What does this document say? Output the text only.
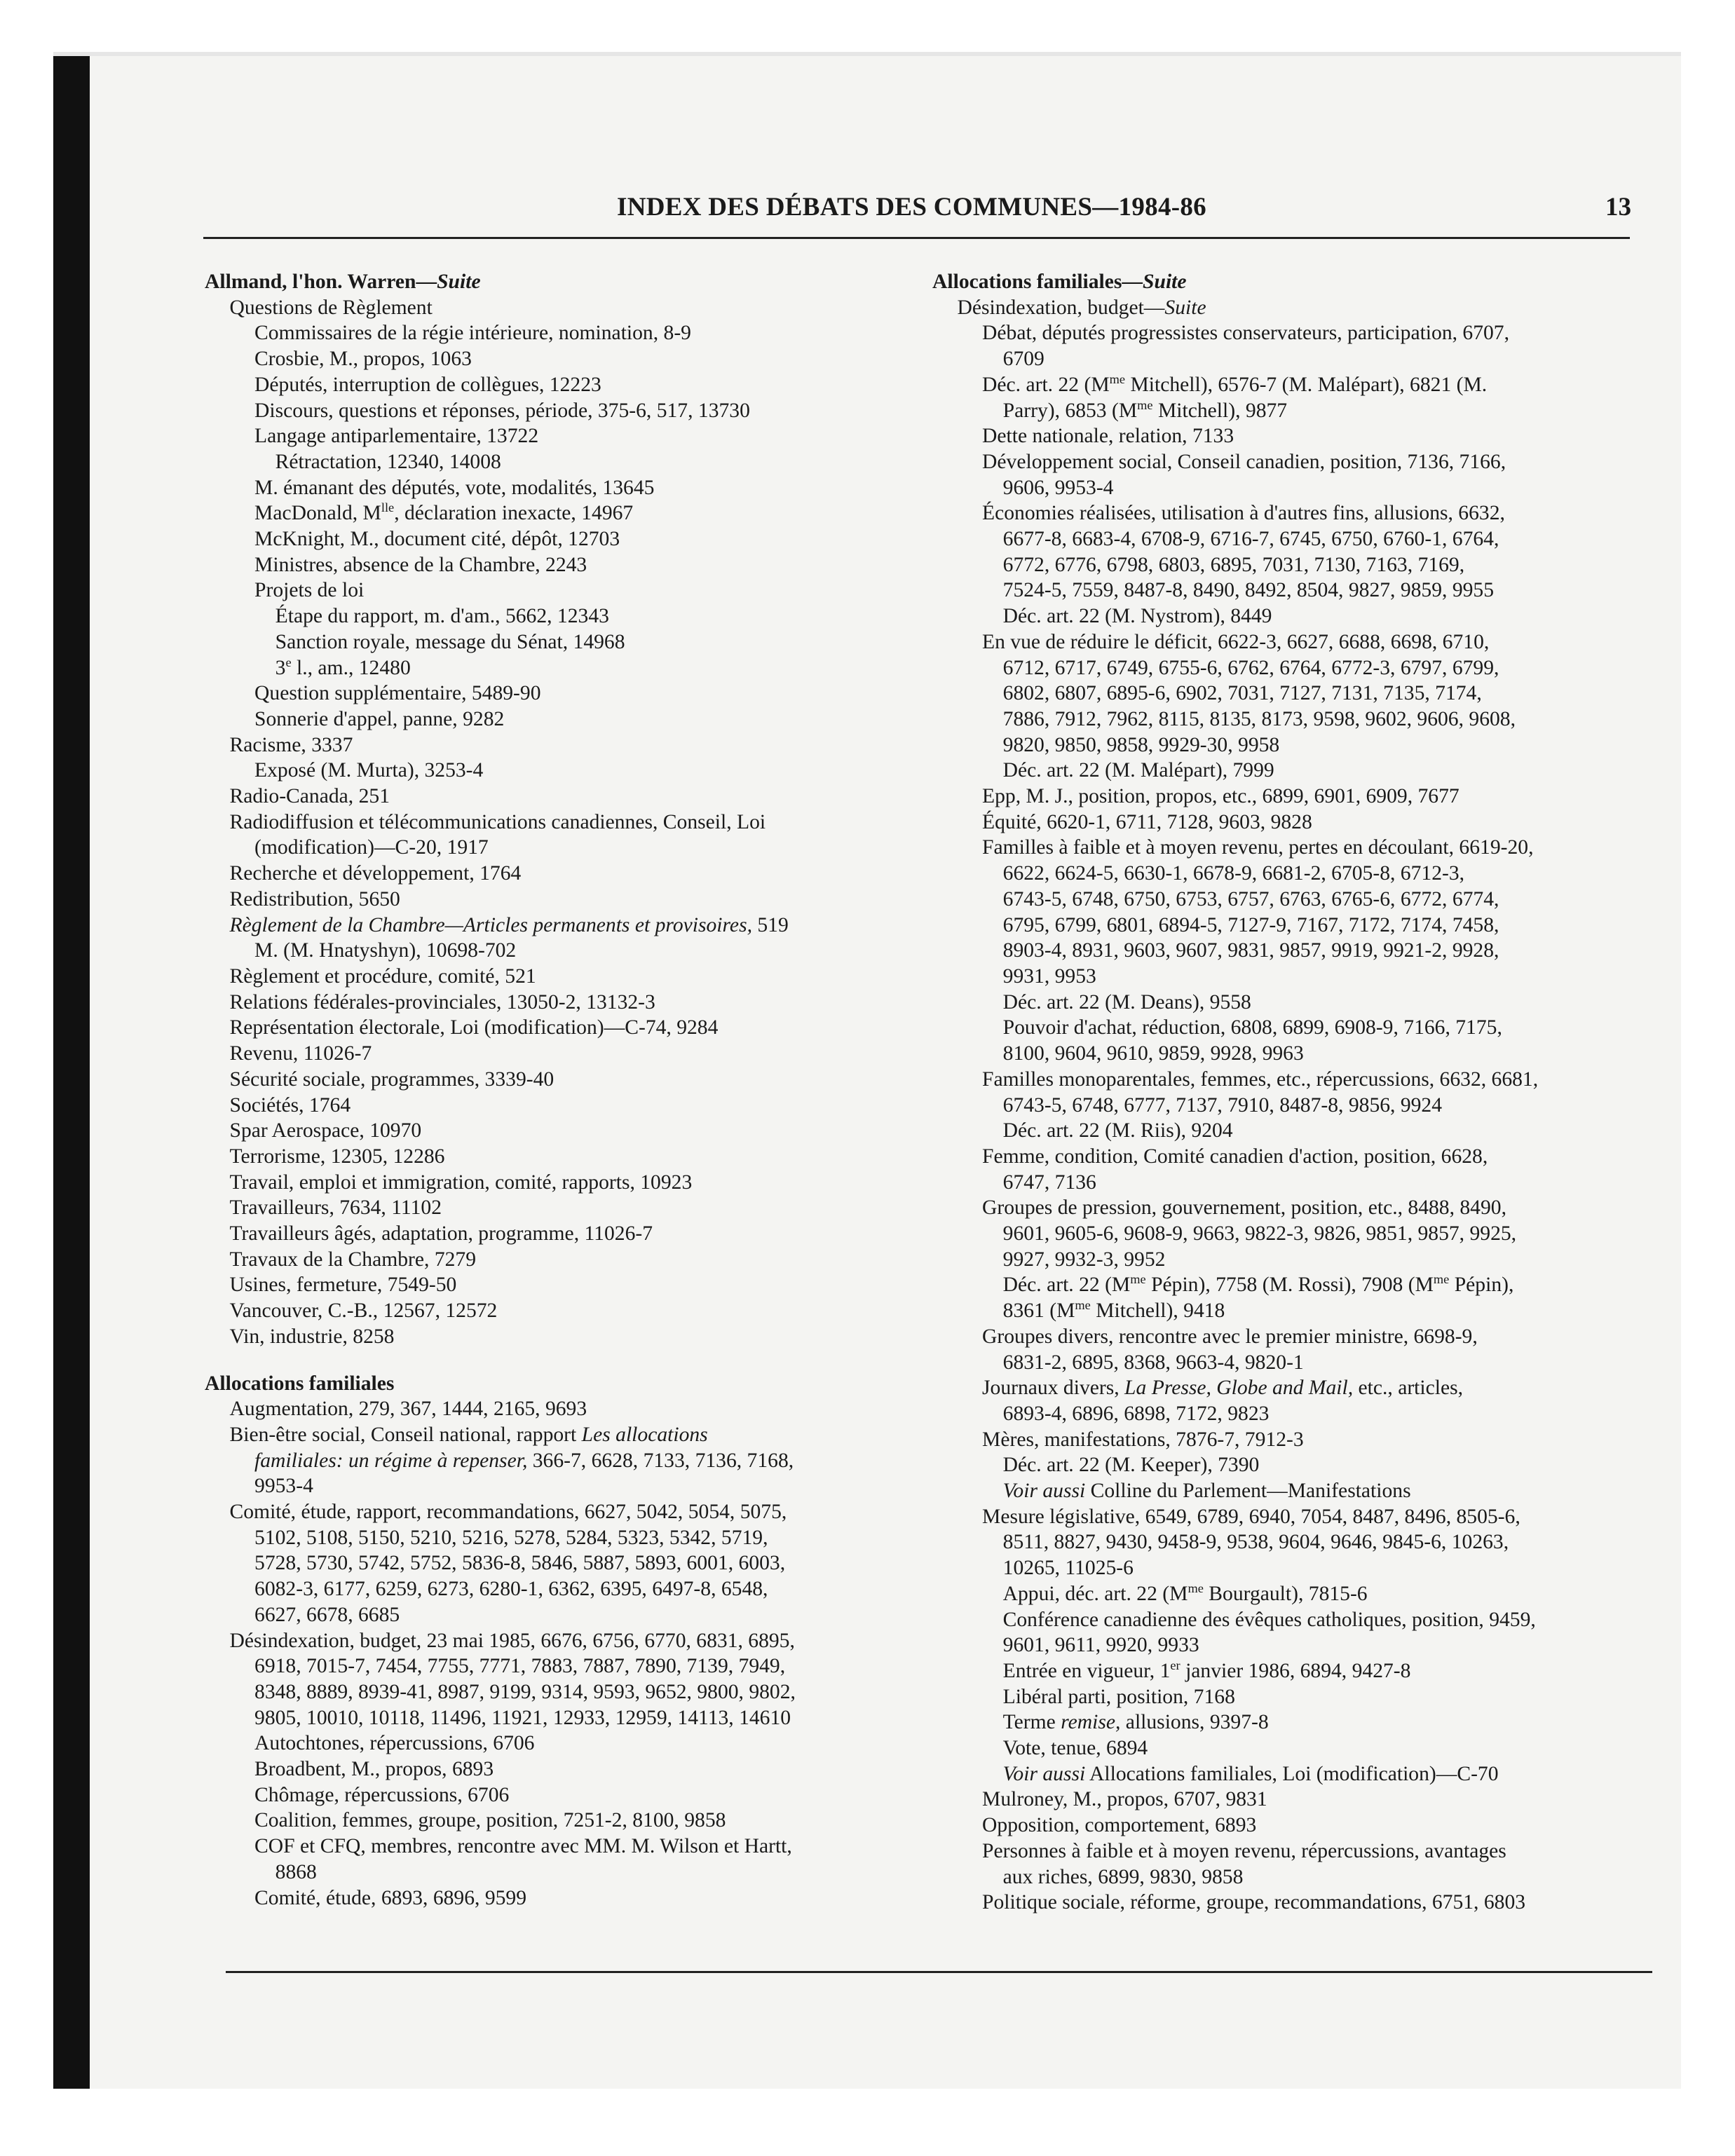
INDEX DES DÉBATS DES COMMUNES—1984-86	13
Allmand, l'hon. Warren—Suite
Questions de Règlement
Commissaires de la régie intérieure, nomination, 8-9
Crosbie, M., propos, 1063
Députés, interruption de collègues, 12223
Discours, questions et réponses, période, 375-6, 517, 13730
Langage antiparlementaire, 13722
Rétractation, 12340, 14008
M. émanant des députés, vote, modalités, 13645
MacDonald, $M^{lle}$, déclaration inexacte, 14967
McKnight, M., document cité, dépôt, 12703
Ministres, absence de la Chambre, 2243
Projets de loi
Étape du rapport, m. d'am., 5662, 12343
Sanction royale, message du Sénat, 14968
3e l., am., 12480
Question supplémentaire, 5489-90
Sonnerie d'appel, panne, 9282
Racisme, 3337
Exposé (M. Murta), 3253-4
Radio-Canada, 251
Radiodiffusion et télécommunications canadiennes, Conseil, Loi
(modification)—C-20, 1917
Recherche et développement, 1764
Redistribution, 5650
Règlement de la Chambre—Articles permanents et provisoires, 519
M. (M. Hnatyshyn), 10698-702
Règlement et procédure, comité, 521
Relations fédérales-provinciales, 13050-2, 13132-3
Représentation électorale, Loi (modification)—C-74, 9284
Revenu, 11026-7
Sécurité sociale, programmes, 3339-40
Sociétés, 1764
Spar Aerospace, 10970
Terrorisme, 12305, 12286
Travail, emploi et immigration, comité, rapports, 10923
Travailleurs, 7634, 11102
Travailleurs âgés, adaptation, programme, 11026-7
Travaux de la Chambre, 7279
Usines, fermeture, 7549-50
Vancouver, C.-B., 12567, 12572
Vin, industrie, 8258
Allocations familiales
Augmentation, 279, 367, 1444, 2165, 9693
Bien-être social, Conseil national, rapport Les allocations
familiales: un régime à repenser, 366-7, 6628, 7133, 7136, 7168,
9953-4
Comité, étude, rapport, recommandations, 6627, 5042, 5054, 5075,
5102, 5108, 5150, 5210, 5216, 5278, 5284, 5323, 5342, 5719,
5728, 5730, 5742, 5752, 5836-8, 5846, 5887, 5893, 6001, 6003,
6082-3, 6177, 6259, 6273, 6280-1, 6362, 6395, 6497-8, 6548,
6627, 6678, 6685
Désindexation, budget, 23 mai 1985, 6676, 6756, 6770, 6831, 6895,
6918, 7015-7, 7454, 7755, 7771, 7883, 7887, 7890, 7139, 7949,
8348, 8889, 8939-41, 8987, 9199, 9314, 9593, 9652, 9800, 9802,
9805, 10010, 10118, 11496, 11921, 12933, 12959, 14113, 14610
Autochtones, répercussions, 6706
Broadbent, M., propos, 6893
Chômage, répercussions, 6706
Coalition, femmes, groupe, position, 7251-2, 8100, 9858
COF et CFQ, membres, rencontre avec MM. M. Wilson et Hartt,
8868
Comité, étude, 6893, 6896, 9599
Allocations familiales—Suite
Désindexation, budget—Suite
Débat, députés progressistes conservateurs, participation, 6707,
6709
Déc. art. 22 ($M^{me}$ Mitchell), 6576-7 (M. Malépart), 6821 (M.
Parry), 6853 ($M^{me}$ Mitchell), 9877
Dette nationale, relation, 7133
Développement social, Conseil canadien, position, 7136, 7166,
9606, 9953-4
Économies réalisées, utilisation à d'autres fins, allusions, 6632,
6677-8, 6683-4, 6708-9, 6716-7, 6745, 6750, 6760-1, 6764,
6772, 6776, 6798, 6803, 6895, 7031, 7130, 7163, 7169,
7524-5, 7559, 8487-8, 8490, 8492, 8504, 9827, 9859, 9955
Déc. art. 22 (M. Nystrom), 8449
En vue de réduire le déficit, 6622-3, 6627, 6688, 6698, 6710,
6712, 6717, 6749, 6755-6, 6762, 6764, 6772-3, 6797, 6799,
6802, 6807, 6895-6, 6902, 7031, 7127, 7131, 7135, 7174,
7886, 7912, 7962, 8115, 8135, 8173, 9598, 9602, 9606, 9608,
9820, 9850, 9858, 9929-30, 9958
Déc. art. 22 (M. Malépart), 7999
Epp, M. J., position, propos, etc., 6899, 6901, 6909, 7677
Équité, 6620-1, 6711, 7128, 9603, 9828
Familles à faible et à moyen revenu, pertes en découlant, 6619-20,
6622, 6624-5, 6630-1, 6678-9, 6681-2, 6705-8, 6712-3,
6743-5, 6748, 6750, 6753, 6757, 6763, 6765-6, 6772, 6774,
6795, 6799, 6801, 6894-5, 7127-9, 7167, 7172, 7174, 7458,
8903-4, 8931, 9603, 9607, 9831, 9857, 9919, 9921-2, 9928,
9931, 9953
Déc. art. 22 (M. Deans), 9558
Pouvoir d'achat, réduction, 6808, 6899, 6908-9, 7166, 7175,
8100, 9604, 9610, 9859, 9928, 9963
Familles monoparentales, femmes, etc., répercussions, 6632, 6681,
6743-5, 6748, 6777, 7137, 7910, 8487-8, 9856, 9924
Déc. art. 22 (M. Riis), 9204
Femme, condition, Comité canadien d'action, position, 6628,
6747, 7136
Groupes de pression, gouvernement, position, etc., 8488, 8490,
9601, 9605-6, 9608-9, 9663, 9822-3, 9826, 9851, 9857, 9925,
9927, 9932-3, 9952
Déc. art. 22 ($M^{me}$ Pépin), 7758 (M. Rossi), 7908 ($M^{me}$ Pépin),
8361 ($M^{me}$ Mitchell), 9418
Groupes divers, rencontre avec le premier ministre, 6698-9,
6831-2, 6895, 8368, 9663-4, 9820-1
Journaux divers, La Presse, Globe and Mail, etc., articles,
6893-4, 6896, 6898, 7172, 9823
Mères, manifestations, 7876-7, 7912-3
Déc. art. 22 (M. Keeper), 7390
Voir aussi Colline du Parlement—Manifestations
Mesure législative, 6549, 6789, 6940, 7054, 8487, 8496, 8505-6,
8511, 8827, 9430, 9458-9, 9538, 9604, 9646, 9845-6, 10263,
10265, 11025-6
Appui, déc. art. 22 ($M^{me}$ Bourgault), 7815-6
Conférence canadienne des évêques catholiques, position, 9459,
9601, 9611, 9920, 9933
Entrée en vigueur, 1er janvier 1986, 6894, 9427-8
Libéral parti, position, 7168
Terme remise, allusions, 9397-8
Vote, tenue, 6894
Voir aussi Allocations familiales, Loi (modification)—C-70
Mulroney, M., propos, 6707, 9831
Opposition, comportement, 6893
Personnes à faible et à moyen revenu, répercussions, avantages
aux riches, 6899, 9830, 9858
Politique sociale, réforme, groupe, recommandations, 6751, 6803
